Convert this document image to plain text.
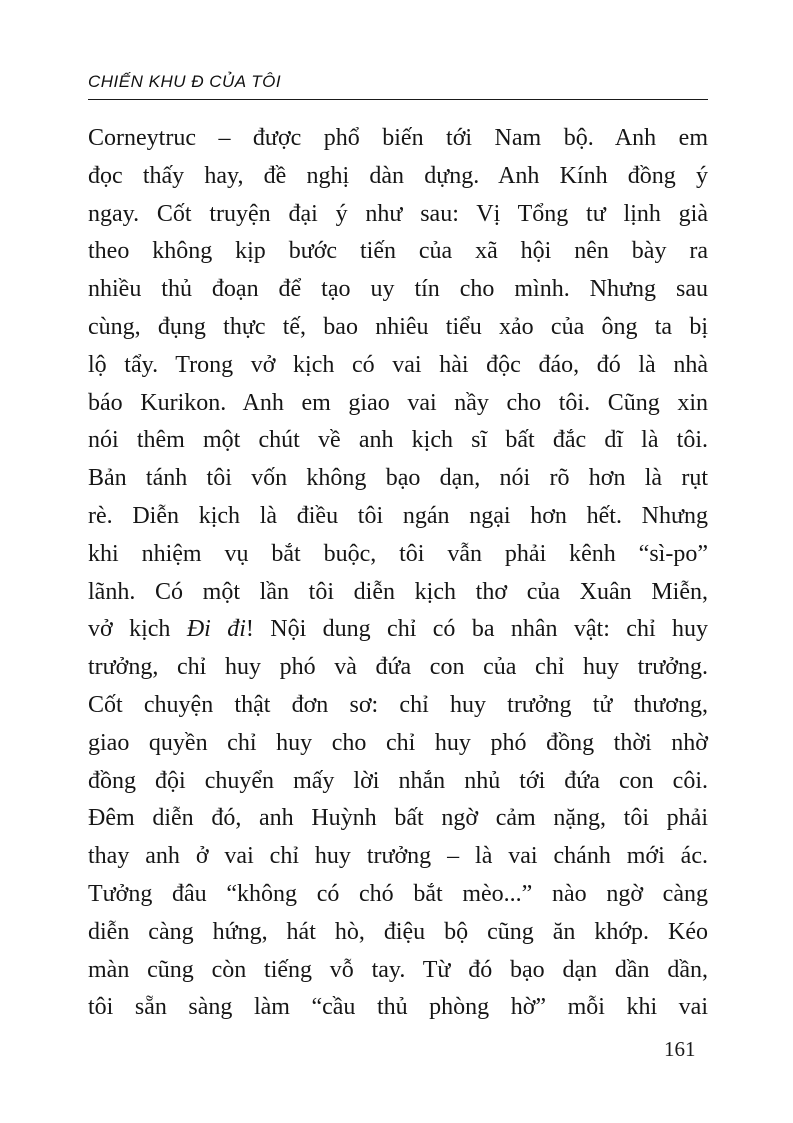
CHIẾN KHU Đ CỦA TÔI
Corneytruc – được phổ biến tới Nam bộ. Anh em
đọc thấy hay, đề nghị dàn dựng. Anh Kính đồng ý
ngay. Cốt truyện đại ý như sau: Vị Tổng tư lịnh già
theo không kịp bước tiến của xã hội nên bày ra
nhiều thủ đoạn để tạo uy tín cho mình. Nhưng sau
cùng, đụng thực tế, bao nhiêu tiểu xảo của ông ta bị
lộ tẩy. Trong vở kịch có vai hài độc đáo, đó là nhà
báo Kurikon. Anh em giao vai nầy cho tôi. Cũng xin
nói thêm một chút về anh kịch sĩ bất đắc dĩ là tôi.
Bản tánh tôi vốn không bạo dạn, nói rõ hơn là rụt
rè. Diễn kịch là điều tôi ngán ngại hơn hết. Nhưng
khi nhiệm vụ bắt buộc, tôi vẫn phải kênh “sì-po”
lãnh. Có một lần tôi diễn kịch thơ của Xuân Miễn,
vở kịch Đi đi! Nội dung chỉ có ba nhân vật: chỉ huy
trưởng, chỉ huy phó và đứa con của chỉ huy trưởng.
Cốt chuyện thật đơn sơ: chỉ huy trưởng tử thương,
giao quyền chỉ huy cho chỉ huy phó đồng thời nhờ
đồng đội chuyển mấy lời nhắn nhủ tới đứa con côi.
Đêm diễn đó, anh Huỳnh bất ngờ cảm nặng, tôi phải
thay anh ở vai chỉ huy trưởng – là vai chánh mới ác.
Tưởng đâu “không có chó bắt mèo...” nào ngờ càng
diễn càng hứng, hát hò, điệu bộ cũng ăn khớp. Kéo
màn cũng còn tiếng vỗ tay. Từ đó bạo dạn dần dần,
tôi sẵn sàng làm “cầu thủ phòng hờ” mỗi khi vai
161
